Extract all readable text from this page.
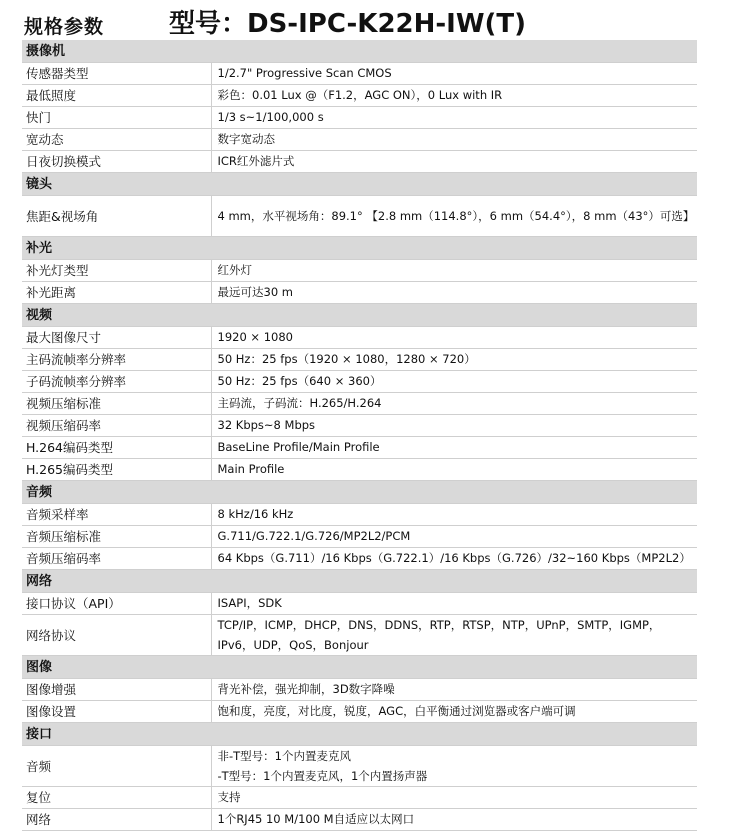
规格参数 型号：DS-IPC-K22H-IW(T)
摄像机	
传感器类型	1/2.7" Progressive Scan CMOS
最低照度	彩色：0.01 Lux @（F1.2，AGC ON），0 Lux with IR
快门	1/3 s~1/100,000 s
宽动态	数字宽动态
日夜切换模式	ICR红外滤片式
镜头	
焦距&视场角	4 mm，水平视场角：89.1° 【2.8 mm（114.8°），6 mm（54.4°），8 mm（43°）可选】
补光	
补光灯类型	红外灯
补光距离	最远可达30 m
视频	
最大图像尺寸	1920 × 1080
主码流帧率分辨率	50 Hz：25 fps（1920 × 1080，1280 × 720）
子码流帧率分辨率	50 Hz：25 fps（640 × 360）
视频压缩标准	主码流，子码流：H.265/H.264
视频压缩码率	32 Kbps~8 Mbps
H.264编码类型	BaseLine Profile/Main Profile
H.265编码类型	Main Profile
音频	
音频采样率	8 kHz/16 kHz
音频压缩标准	G.711/G.722.1/G.726/MP2L2/PCM
音频压缩码率	64 Kbps（G.711）/16 Kbps（G.722.1）/16 Kbps（G.726）/32~160 Kbps（MP2L2）
网络	
接口协议（API）	ISAPI，SDK
网络协议	TCP/IP，ICMP，DHCP，DNS，DDNS，RTP，RTSP，NTP，UPnP，SMTP，IGMP，IPv6，UDP，QoS，Bonjour
图像	
图像增强	背光补偿，强光抑制，3D数字降噪
图像设置	饱和度，亮度，对比度，锐度，AGC，白平衡通过浏览器或客户端可调
接口	
音频	非-T型号：1个内置麦克风
-T型号：1个内置麦克风，1个内置扬声器
复位	支持
网络	1个RJ45 10 M/100 M自适应以太网口
